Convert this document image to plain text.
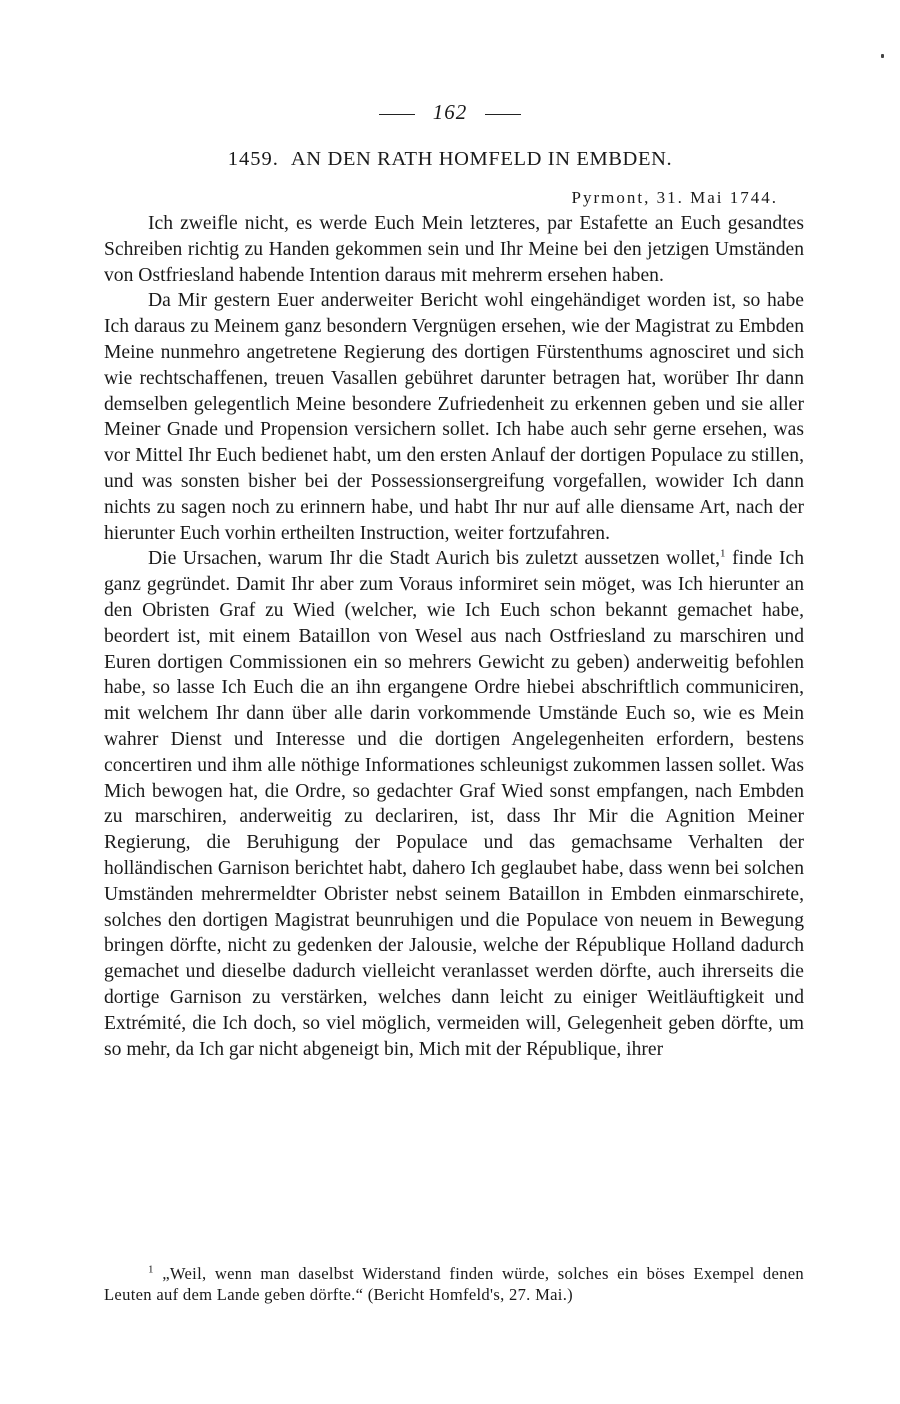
162
1459. AN DEN RATH HOMFELD IN EMBDEN.
Pyrmont, 31. Mai 1744.

Ich zweifle nicht, es werde Euch Mein letzteres, par Estafette an Euch gesandtes Schreiben richtig zu Handen gekommen sein und Ihr Meine bei den jetzigen Umständen von Ostfriesland habende Intention daraus mit mehrerm ersehen haben.

Da Mir gestern Euer anderweiter Bericht wohl eingehändiget worden ist, so habe Ich daraus zu Meinem ganz besondern Vergnügen ersehen, wie der Magistrat zu Embden Meine nunmehro angetretene Regierung des dortigen Fürstenthums agnosciret und sich wie rechtschaffenen, treuen Vasallen gebühret darunter betragen hat, worüber Ihr dann demselben gelegentlich Meine besondere Zufriedenheit zu erkennen geben und sie aller Meiner Gnade und Propension versichern sollet. Ich habe auch sehr gerne ersehen, was vor Mittel Ihr Euch bedienet habt, um den ersten Anlauf der dortigen Populace zu stillen, und was sonsten bisher bei der Possessionsergreifung vorgefallen, wowider Ich dann nichts zu sagen noch zu erinnern habe, und habt Ihr nur auf alle diensame Art, nach der hierunter Euch vorhin ertheilten Instruction, weiter fortzufahren.

Die Ursachen, warum Ihr die Stadt Aurich bis zuletzt aussetzen wollet,$^1$ finde Ich ganz gegründet. Damit Ihr aber zum Voraus informiret sein möget, was Ich hierunter an den Obristen Graf zu Wied (welcher, wie Ich Euch schon bekannt gemachet habe, beordert ist, mit einem Bataillon von Wesel aus nach Ostfriesland zu marschiren und Euren dortigen Commissionen ein so mehrers Gewicht zu geben) anderweitig befohlen habe, so lasse Ich Euch die an ihn ergangene Ordre hiebei abschriftlich communiciren, mit welchem Ihr dann über alle darin vorkommende Umstände Euch so, wie es Mein wahrer Dienst und Interesse und die dortigen Angelegenheiten erfordern, bestens concertiren und ihm alle nöthige Informationes schleunigst zukommen lassen sollet. Was Mich bewogen hat, die Ordre, so gedachter Graf Wied sonst empfangen, nach Embden zu marschiren, anderweitig zu declariren, ist, dass Ihr Mir die Agnition Meiner Regierung, die Beruhigung der Populace und das gemachsame Verhalten der holländischen Garnison berichtet habt, dahero Ich geglaubet habe, dass wenn bei solchen Umständen mehrermeldter Obrister nebst seinem Bataillon in Embden einmarschirete, solches den dortigen Magistrat beunruhigen und die Populace von neuem in Bewegung bringen dörfte, nicht zu gedenken der Jalousie, welche der République Holland dadurch gemachet und dieselbe dadurch vielleicht veranlasset werden dörfte, auch ihrerseits die dortige Garnison zu verstärken, welches dann leicht zu einiger Weitläuftigkeit und Extrémité, die Ich doch, so viel möglich, vermeiden will, Gelegenheit geben dörfte, um so mehr, da Ich gar nicht abgeneigt bin, Mich mit der République, ihrer

$^1$ „Weil, wenn man daselbst Widerstand finden würde, solches ein böses Exempel denen Leuten auf dem Lande geben dörfte.“ (Bericht Homfeld's, 27. Mai.)
